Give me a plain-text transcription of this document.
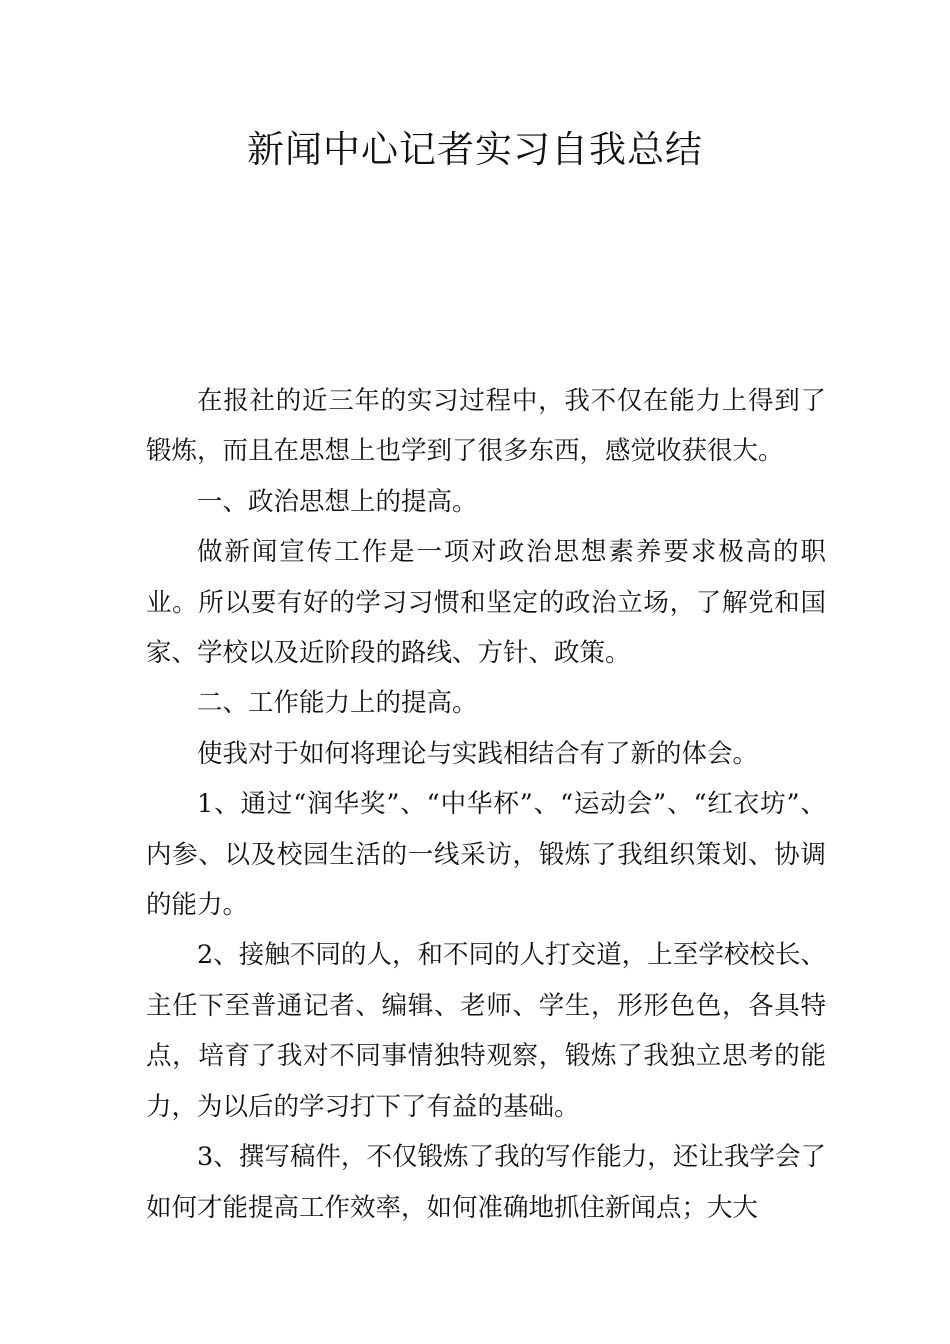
新闻中心记者实习自我总结

在报社的近三年的实习过程中，我不仅在能力上得到了锻炼，而且在思想上也学到了很多东西，感觉收获很大。

一、政治思想上的提高。

做新闻宣传工作是一项对政治思想素养要求极高的职业。所以要有好的学习习惯和坚定的政治立场，了解党和国家、学校以及近阶段的路线、方针、政策。

二、工作能力上的提高。

使我对于如何将理论与实践相结合有了新的体会。

1、通过“润华奖”、“中华杯”、“运动会”、“红衣坊”、内参、以及校园生活的一线采访，锻炼了我组织策划、协调的能力。

2、接触不同的人，和不同的人打交道，上至学校校长、主任下至普通记者、编辑、老师、学生，形形色色，各具特点，培育了我对不同事情独特观察，锻炼了我独立思考的能力，为以后的学习打下了有益的基础。

3、撰写稿件，不仅锻炼了我的写作能力，还让我学会了如何才能提高工作效率，如何准确地抓住新闻点；大大
